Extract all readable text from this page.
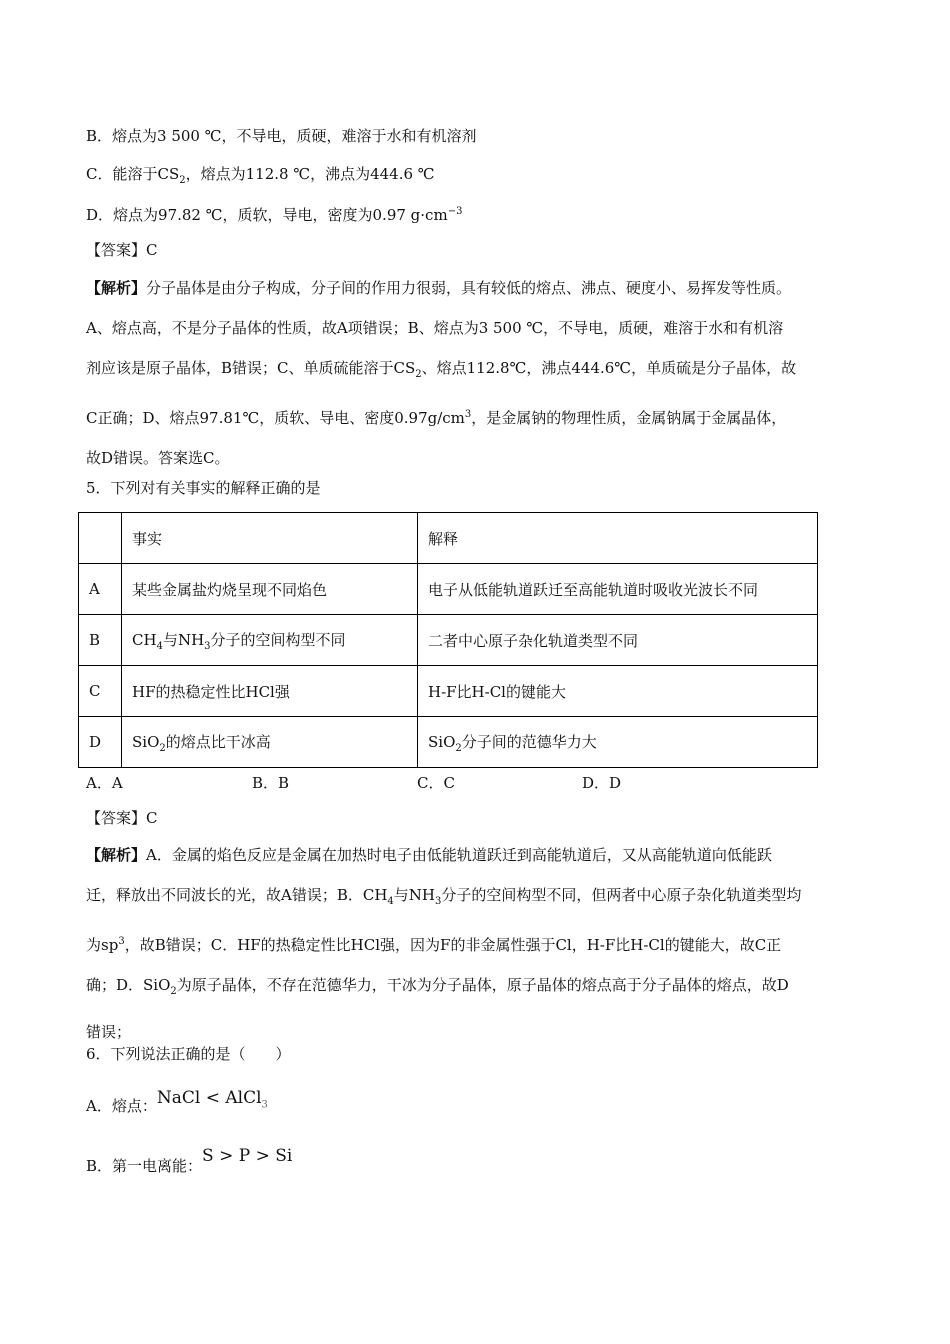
B．熔点为3 500 ℃，不导电，质硬，难溶于水和有机溶剂
C．能溶于$CS_2$，熔点为112.8 ℃，沸点为444.6 ℃
D．熔点为97.82 ℃，质软，导电，密度为0.97 $g\cdot cm^{-3}$
【答案】C
【解析】分子晶体是由分子构成，分子间的作用力很弱，具有较低的熔点、沸点、硬度小、易挥发等性质。
A、熔点高，不是分子晶体的性质，故A项错误；B、熔点为3 500 ℃，不导电，质硬，难溶于水和有机溶
剂应该是原子晶体，B错误；C、单质硫能溶于$CS_2$、熔点112.8℃，沸点444.6℃，单质硫是分子晶体，故
C正确；D、熔点97.81℃，质软、导电、密度$0.97g/cm^3$，是金属钠的物理性质，金属钠属于金属晶体，
故D错误。答案选C。
5．下列对有关事实的解释正确的是
	事实	解释
A	某些金属盐灼烧呈现不同焰色	电子从低能轨道跃迁至高能轨道时吸收光波长不同
B	$CH_4$与$NH_3$分子的空间构型不同	二者中心原子杂化轨道类型不同
C	HF的热稳定性比HCl强	H-F比H-Cl的键能大
D	SiO$_2$的熔点比干冰高	SiO$_2$分子间的范德华力大
A．A	B．B	C．C	D．D
【答案】C
【解析】A．金属的焰色反应是金属在加热时电子由低能轨道跃迁到高能轨道后，又从高能轨道向低能跃
迁，释放出不同波长的光，故A错误；B．$CH_4$与$NH_3$分子的空间构型不同，但两者中心原子杂化轨道类型均
为$sp^3$，故B错误；C．HF的热稳定性比HCl强，因为F的非金属性强于Cl，H-F比H-Cl的键能大，故C正
确；D．SiO$_2$为原子晶体，不存在范德华力，干冰为分子晶体，原子晶体的熔点高于分子晶体的熔点，故D
错误；
6．下列说法正确的是（　　）
A．熔点：NaCl < AlCl$_3$
B．第一电离能：S > P > Si
